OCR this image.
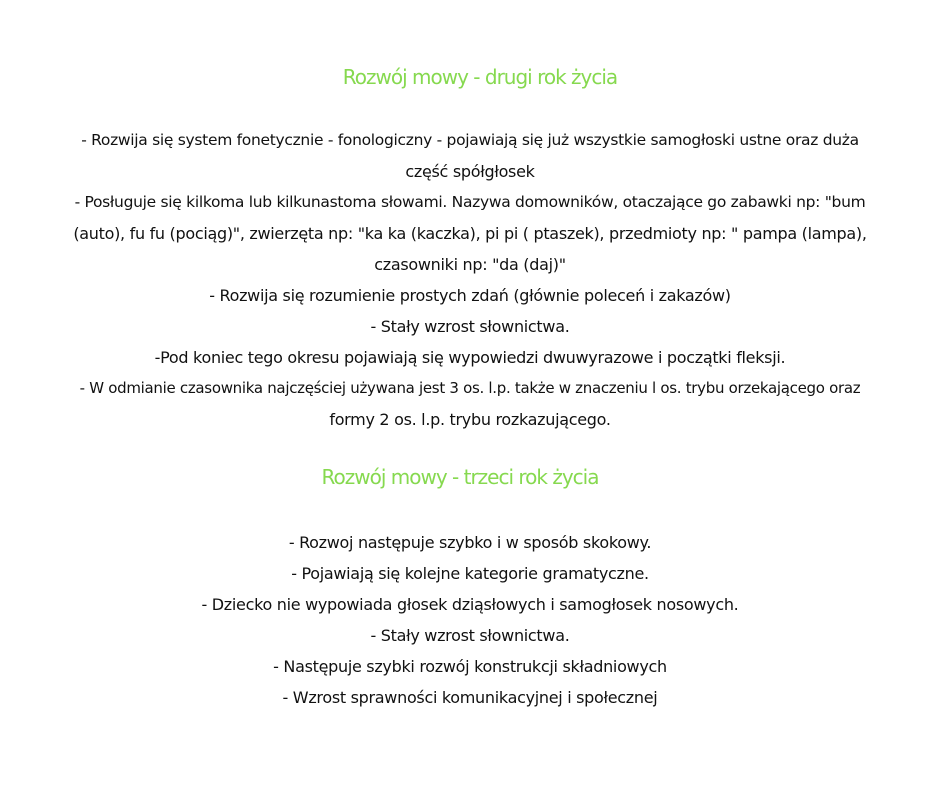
Rozwój mowy - drugi rok życia
- Rozwija się system fonetycznie - fonologiczny - pojawiają się już wszystkie samogłoski ustne oraz duża
część spółgłosek
- Posługuje się kilkoma lub kilkunastoma słowami. Nazywa domowników, otaczające go zabawki np: "bum
(auto), fu fu (pociąg)", zwierzęta np: "ka ka (kaczka), pi pi ( ptaszek), przedmioty np: " pampa (lampa),
czasowniki np: "da (daj)"
- Rozwija się rozumienie prostych zdań (głównie poleceń i zakazów)
- Stały wzrost słownictwa.
-Pod koniec tego okresu pojawiają się wypowiedzi dwuwyrazowe i początki fleksji.
- W odmianie czasownika najczęściej używana jest 3 os. l.p. także w znaczeniu l os. trybu orzekającego oraz
formy 2 os. l.p. trybu rozkazującego.
Rozwój mowy - trzeci rok życia
- Rozwoj następuje szybko i w sposób skokowy.
- Pojawiają się kolejne kategorie gramatyczne.
- Dziecko nie wypowiada głosek dziąsłowych i samogłosek nosowych.
- Stały wzrost słownictwa.
- Następuje szybki rozwój konstrukcji składniowych
- Wzrost sprawności komunikacyjnej i społecznej
